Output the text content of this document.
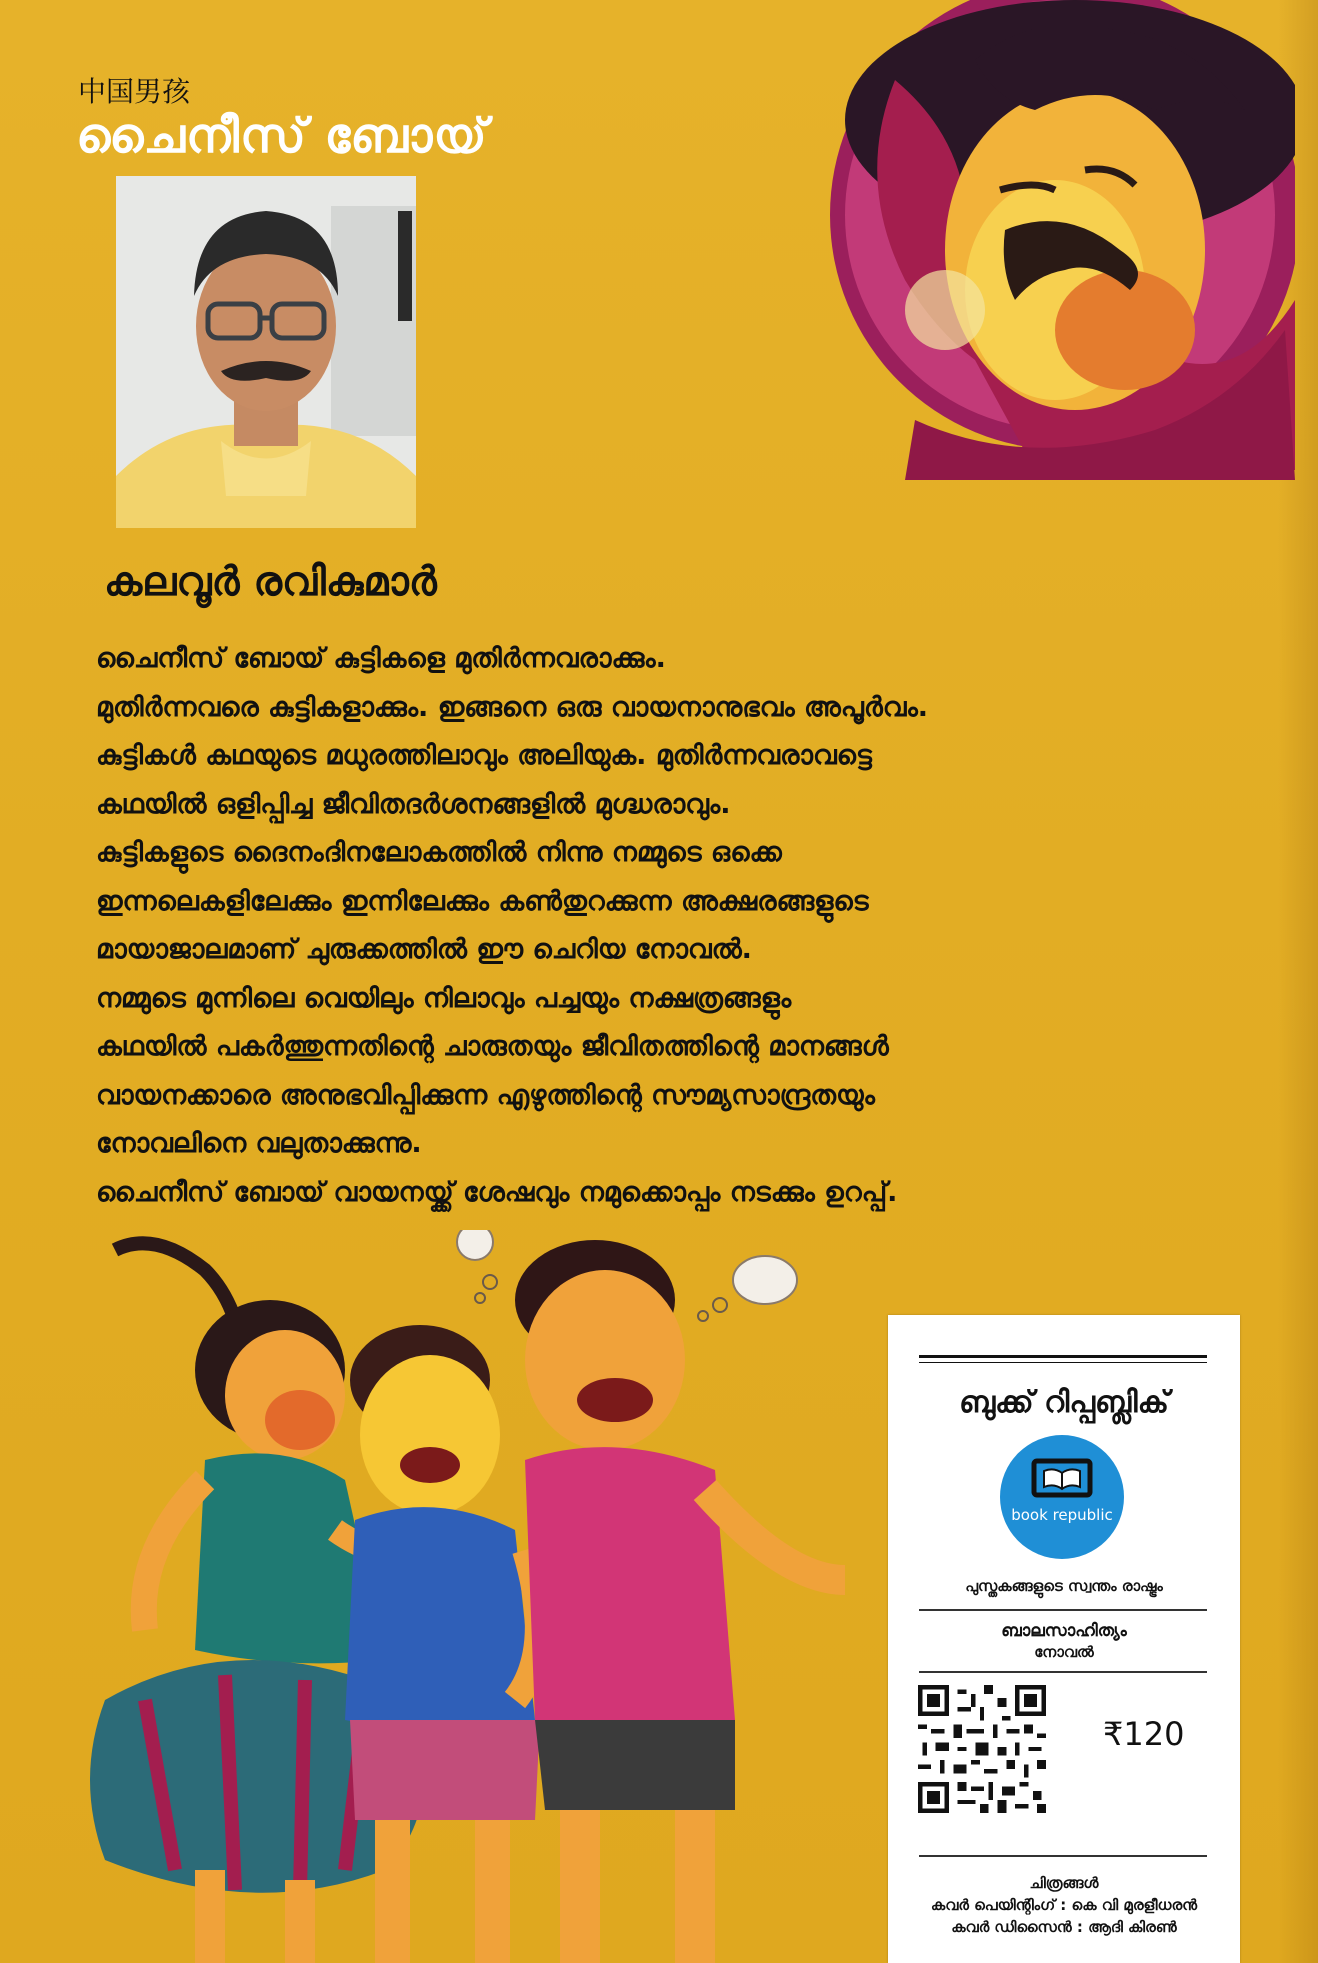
中国男孩
ചൈനീസ് ബോയ്
കലവൂർ രവികുമാർ
ചൈനീസ് ബോയ് കുട്ടികളെ മുതിർന്നവരാക്കും.
മുതിർന്നവരെ കുട്ടികളാക്കും. ഇങ്ങനെ ഒരു വായനാനുഭവം അപൂർവം.
കുട്ടികൾ കഥയുടെ മധുരത്തിലാവും അലിയുക. മുതിർന്നവരാവട്ടെ
കഥയിൽ ഒളിപ്പിച്ച ജീവിതദർശനങ്ങളിൽ മുഗ്ദ്ധരാവും.
കുട്ടികളുടെ ദൈനംദിനലോകത്തിൽ നിന്നു നമ്മുടെ ഒക്കെ
ഇന്നലെകളിലേക്കും ഇന്നിലേക്കും കൺതുറക്കുന്ന അക്ഷരങ്ങളുടെ
മായാജാലമാണ് ചുരുക്കത്തിൽ ഈ ചെറിയ നോവൽ.
നമ്മുടെ മുന്നിലെ വെയിലും നിലാവും പച്ചയും നക്ഷത്രങ്ങളും
കഥയിൽ പകർത്തുന്നതിന്റെ ചാരുതയും ജീവിതത്തിന്റെ മാനങ്ങൾ
വായനക്കാരെ അനുഭവിപ്പിക്കുന്ന എഴുത്തിന്റെ സൗമ്യസാന്ദ്രതയും
നോവലിനെ വലുതാക്കുന്നു.
ചൈനീസ് ബോയ് വായനയ്ക്ക് ശേഷവും നമുക്കൊപ്പം നടക്കും ഉറപ്പ്.
ബുക്ക് റിപ്പബ്ലിക്
book republic
പുസ്തകങ്ങളുടെ സ്വന്തം രാഷ്ട്രം
ബാലസാഹിത്യം
നോവൽ
₹120
ചിത്രങ്ങൾ
കവർ പെയിന്റിംഗ് : കെ വി മുരളീധരൻ
കവർ ഡിസൈൻ : ആദി കിരൺ
